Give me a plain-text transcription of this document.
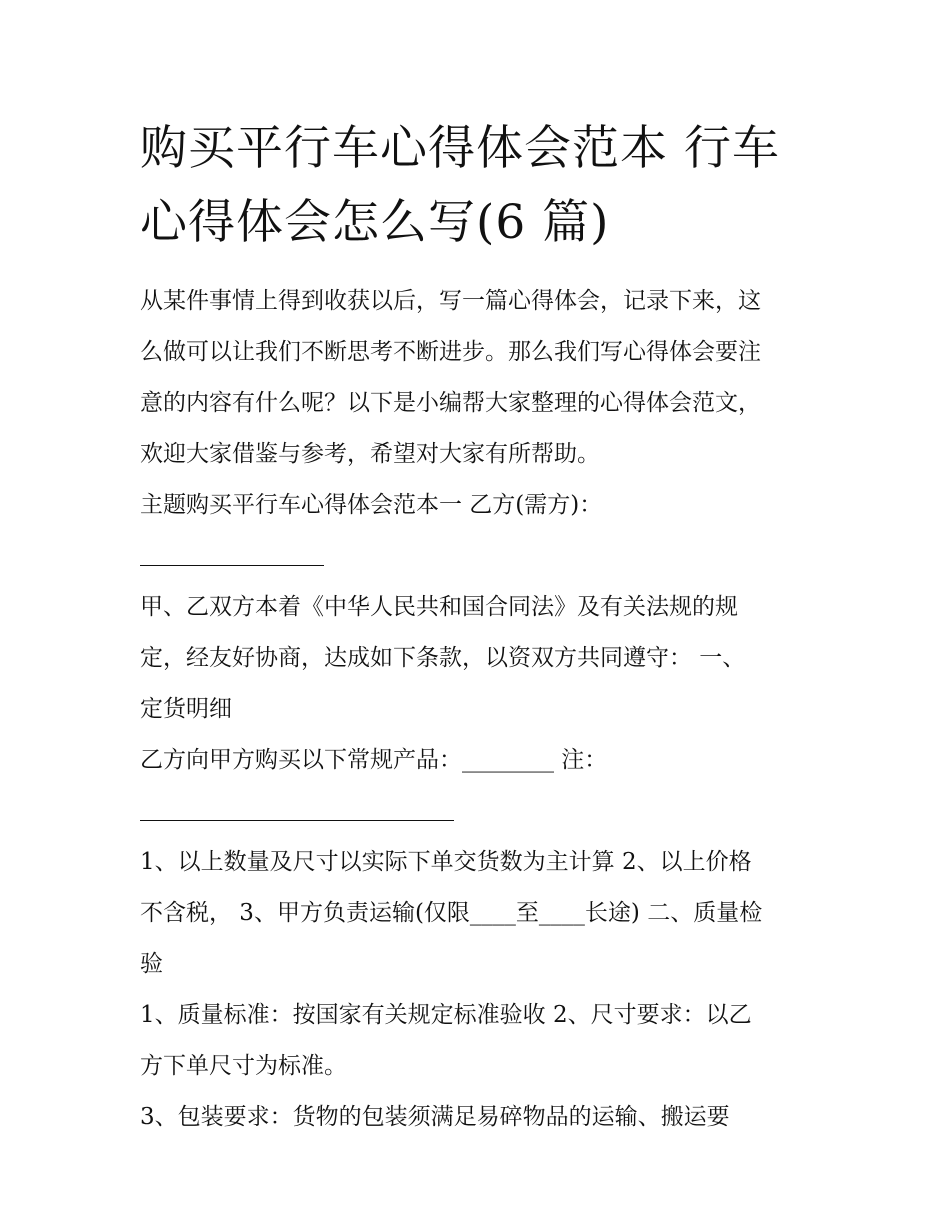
购买平行车心得体会范本 行车
心得体会怎么写(6 篇)

从某件事情上得到收获以后，写一篇心得体会，记录下来，这
么做可以让我们不断思考不断进步。那么我们写心得体会要注
意的内容有什么呢？以下是小编帮大家整理的心得体会范文，
欢迎大家借鉴与参考，希望对大家有所帮助。

主题购买平行车心得体会范本一 乙方(需方)：

甲、乙双方本着《中华人民共和国合同法》及有关法规的规
定，经友好协商，达成如下条款，以资双方共同遵守： 一、
定货明细

乙方向甲方购买以下常规产品：________ 注：

1、以上数量及尺寸以实际下单交货数为主计算 2、以上价格
不含税， 3、甲方负责运输(仅限____至____长途) 二、质量检
验

1、质量标准：按国家有关规定标准验收 2、尺寸要求：以乙
方下单尺寸为标准。

3、包装要求：货物的包装须满足易碎物品的运输、搬运要
